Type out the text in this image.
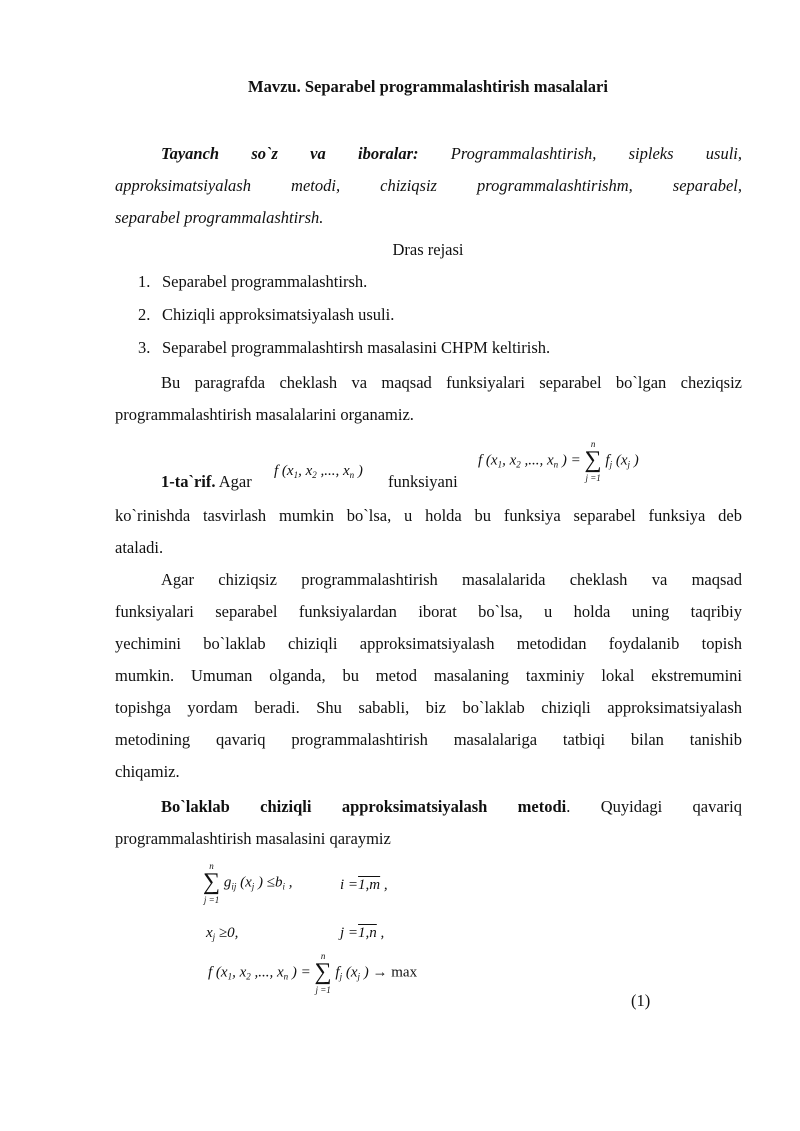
Mavzu. Separabel programmalashtirish masalalari
Tayanch so`z va iboralar: Programmalashtirish, sipleks usuli,
approksimatsiyalash metodi, chiziqsiz programmalashtirishm, separabel,
separabel programmalashtirsh.
Dras rejasi
1. Separabel programmalashtirsh.
2. Chiziqli approksimatsiyalash usuli.
3. Separabel programmalashtirsh masalasini CHPM keltirish.
Bu paragrafda cheklash va maqsad funksiyalari separabel bo`lgan cheziqsiz
programmalashtirish masalalarini organamiz.
1-ta`rif. Agar
f ($x_1$, $x_2$ ,..., $x_n$ )
funksiyani
f ($x_1$, $x_2$ ,..., $x_n$ ) =
n
∑
j =1
$f_j$ ($x_j$ )
ko`rinishda tasvirlash mumkin bo`lsa, u holda bu funksiya separabel funksiya deb
ataladi.
Agar chiziqsiz programmalashtirish masalalarida cheklash va maqsad
funksiyalari separabel funksiyalardan iborat bo`lsa, u holda uning taqribiy
yechimini bo`laklab chiziqli approksimatsiyalash metodidan foydalanib topish
mumkin. Umuman olganda, bu metod masalaning taxminiy lokal ekstremumini
topishga yordam beradi. Shu sababli, biz bo`laklab chiziqli approksimatsiyalash
metodining qavariq programmalashtirish masalalariga tatbiqi bilan tanishib
chiqamiz.
Bo`laklab chiziqli approksimatsiyalash metodi. Quyidagi qavariq
programmalashtirish masalasini qaraymiz
n
∑
j =1
$g_{ij}$ ($x_j$ ) $\le b_i$ ,	i =1,m ,
$x_j \ge 0$,	j =1,n ,
f ($x_1$, $x_2$ ,..., $x_n$ ) =
n
∑
j =1
$f_j$ ($x_j$ ) → max
(1)
